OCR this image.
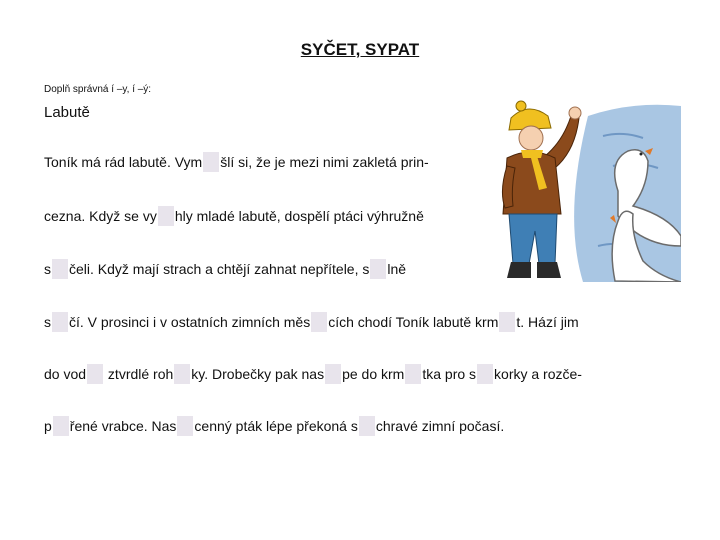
SYČET, SYPAT
Doplň správná í –y, í –ý:
Labutě
Toník má rád labutě. Vym šlí si, že je mezi nimi zakletá prin-
cezna. Když se vy hly mladé labutě, dospělí ptáci výhružně
s čeli. Když mají strach a chtějí zahnat nepřítele, s lně
s čí. V prosinci i v ostatních zimních měs cích chodí Toník labutě krm t. Hází jim
do vod ztvrdlé roh ky. Drobečky pak nas pe do krm tka pro s korky a rozče-
p řené vrabce. Nas cenný pták lépe překoná s chravé zimní počasí.
